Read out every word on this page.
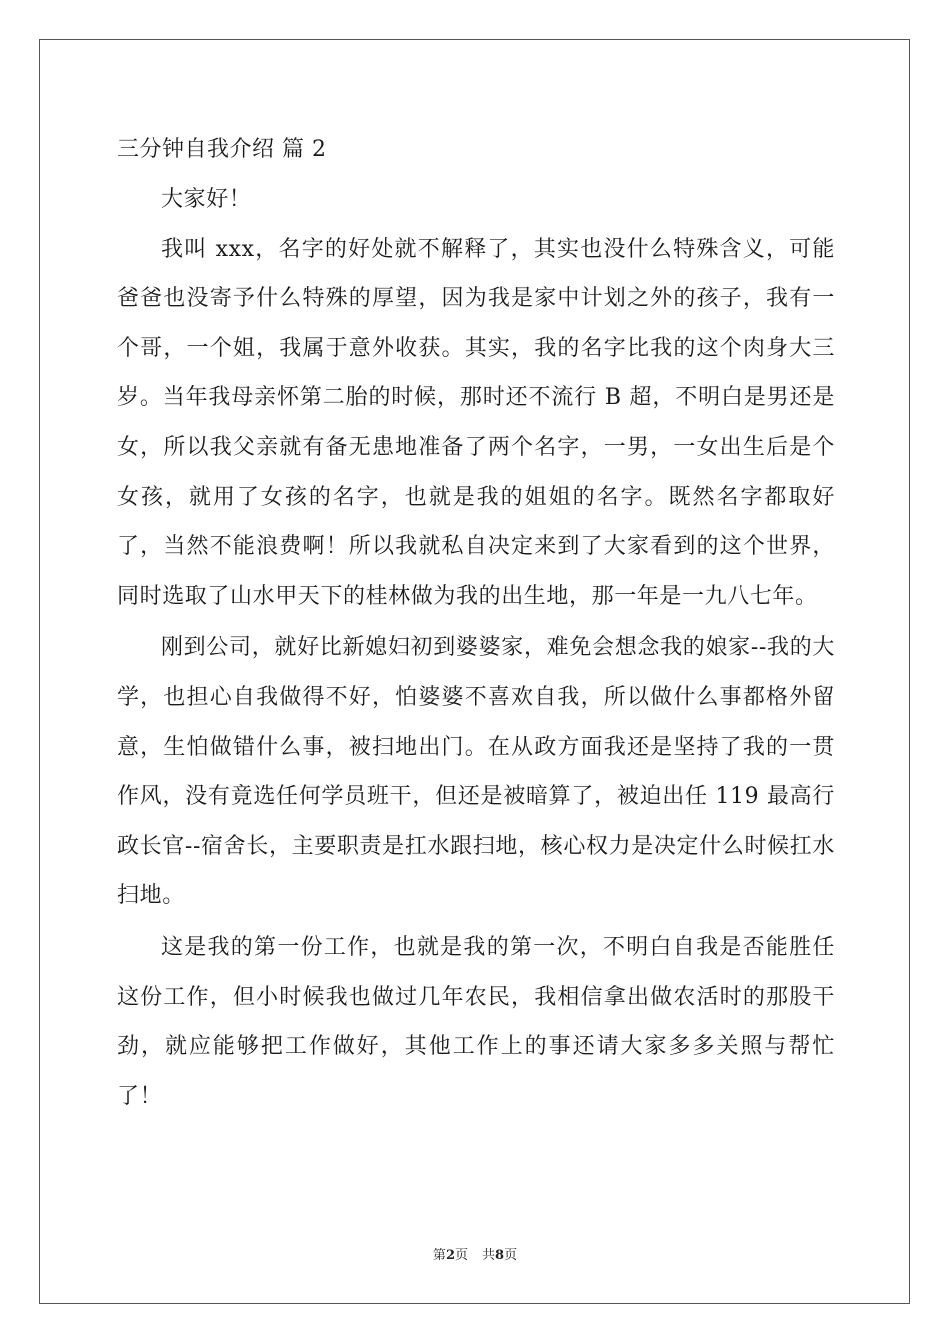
三分钟自我介绍 篇 2

大家好！

我叫 xxx，名字的好处就不解释了，其实也没什么特殊含义，可能爸爸也没寄予什么特殊的厚望，因为我是家中计划之外的孩子，我有一个哥，一个姐，我属于意外收获。其实，我的名字比我的这个肉身大三岁。当年我母亲怀第二胎的时候，那时还不流行 B 超，不明白是男还是女，所以我父亲就有备无患地准备了两个名字，一男，一女出生后是个女孩，就用了女孩的名字，也就是我的姐姐的名字。既然名字都取好了，当然不能浪费啊！所以我就私自决定来到了大家看到的这个世界，同时选取了山水甲天下的桂林做为我的出生地，那一年是一九八七年。

刚到公司，就好比新媳妇初到婆婆家，难免会想念我的娘家--我的大学，也担心自我做得不好，怕婆婆不喜欢自我，所以做什么事都格外留意，生怕做错什么事，被扫地出门。在从政方面我还是坚持了我的一贯作风，没有竟选任何学员班干，但还是被暗算了，被迫出任 119 最高行政长官--宿舍长，主要职责是扛水跟扫地，核心权力是决定什么时候扛水扫地。

这是我的第一份工作，也就是我的第一次，不明白自我是否能胜任这份工作，但小时候我也做过几年农民，我相信拿出做农活时的那股干劲，就应能够把工作做好，其他工作上的事还请大家多多关照与帮忙了！

第2页 共8页
